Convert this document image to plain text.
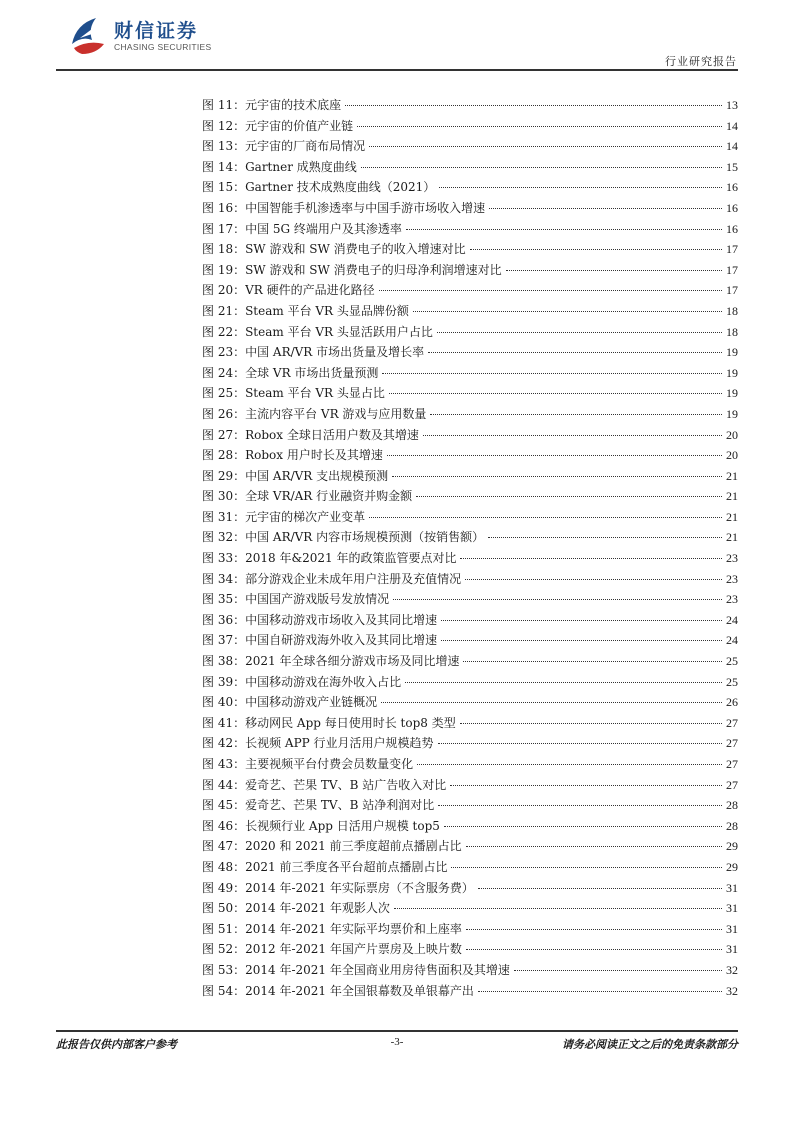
财信证券
CHASING SECURITIES
行业研究报告
图 11：元宇宙的技术底座	13
图 12：元宇宙的价值产业链	14
图 13：元宇宙的厂商布局情况	14
图 14：Gartner 成熟度曲线	15
图 15：Gartner 技术成熟度曲线（2021）	16
图 16：中国智能手机渗透率与中国手游市场收入增速	16
图 17：中国 5G 终端用户及其渗透率	16
图 18：SW 游戏和 SW 消费电子的收入增速对比	17
图 19：SW 游戏和 SW 消费电子的归母净利润增速对比	17
图 20：VR 硬件的产品进化路径	17
图 21：Steam 平台 VR 头显品牌份额	18
图 22：Steam 平台 VR 头显活跃用户占比	18
图 23：中国 AR/VR 市场出货量及增长率	19
图 24：全球 VR 市场出货量预测	19
图 25：Steam 平台 VR 头显占比	19
图 26：主流内容平台 VR 游戏与应用数量	19
图 27：Robox 全球日活用户数及其增速	20
图 28：Robox 用户时长及其增速	20
图 29：中国 AR/VR 支出规模预测	21
图 30：全球 VR/AR 行业融资并购金额	21
图 31：元宇宙的梯次产业变革	21
图 32：中国 AR/VR 内容市场规模预测（按销售额）	21
图 33：2018 年&2021 年的政策监管要点对比	23
图 34：部分游戏企业未成年用户注册及充值情况	23
图 35：中国国产游戏版号发放情况	23
图 36：中国移动游戏市场收入及其同比增速	24
图 37：中国自研游戏海外收入及其同比增速	24
图 38：2021 年全球各细分游戏市场及同比增速	25
图 39：中国移动游戏在海外收入占比	25
图 40：中国移动游戏产业链概况	26
图 41：移动网民 App 每日使用时长 top8 类型	27
图 42：长视频 APP 行业月活用户规模趋势	27
图 43：主要视频平台付费会员数量变化	27
图 44：爱奇艺、芒果 TV、B 站广告收入对比	27
图 45：爱奇艺、芒果 TV、B 站净利润对比	28
图 46：长视频行业 App 日活用户规模 top5	28
图 47：2020 和 2021 前三季度超前点播剧占比	29
图 48：2021 前三季度各平台超前点播剧占比	29
图 49：2014 年-2021 年实际票房（不含服务费）	31
图 50：2014 年-2021 年观影人次	31
图 51：2014 年-2021 年实际平均票价和上座率	31
图 52：2012 年-2021 年国产片票房及上映片数	31
图 53：2014 年-2021 年全国商业用房待售面积及其增速	32
图 54：2014 年-2021 年全国银幕数及单银幕产出	32
此报告仅供内部客户参考	-3-	请务必阅读正文之后的免责条款部分
